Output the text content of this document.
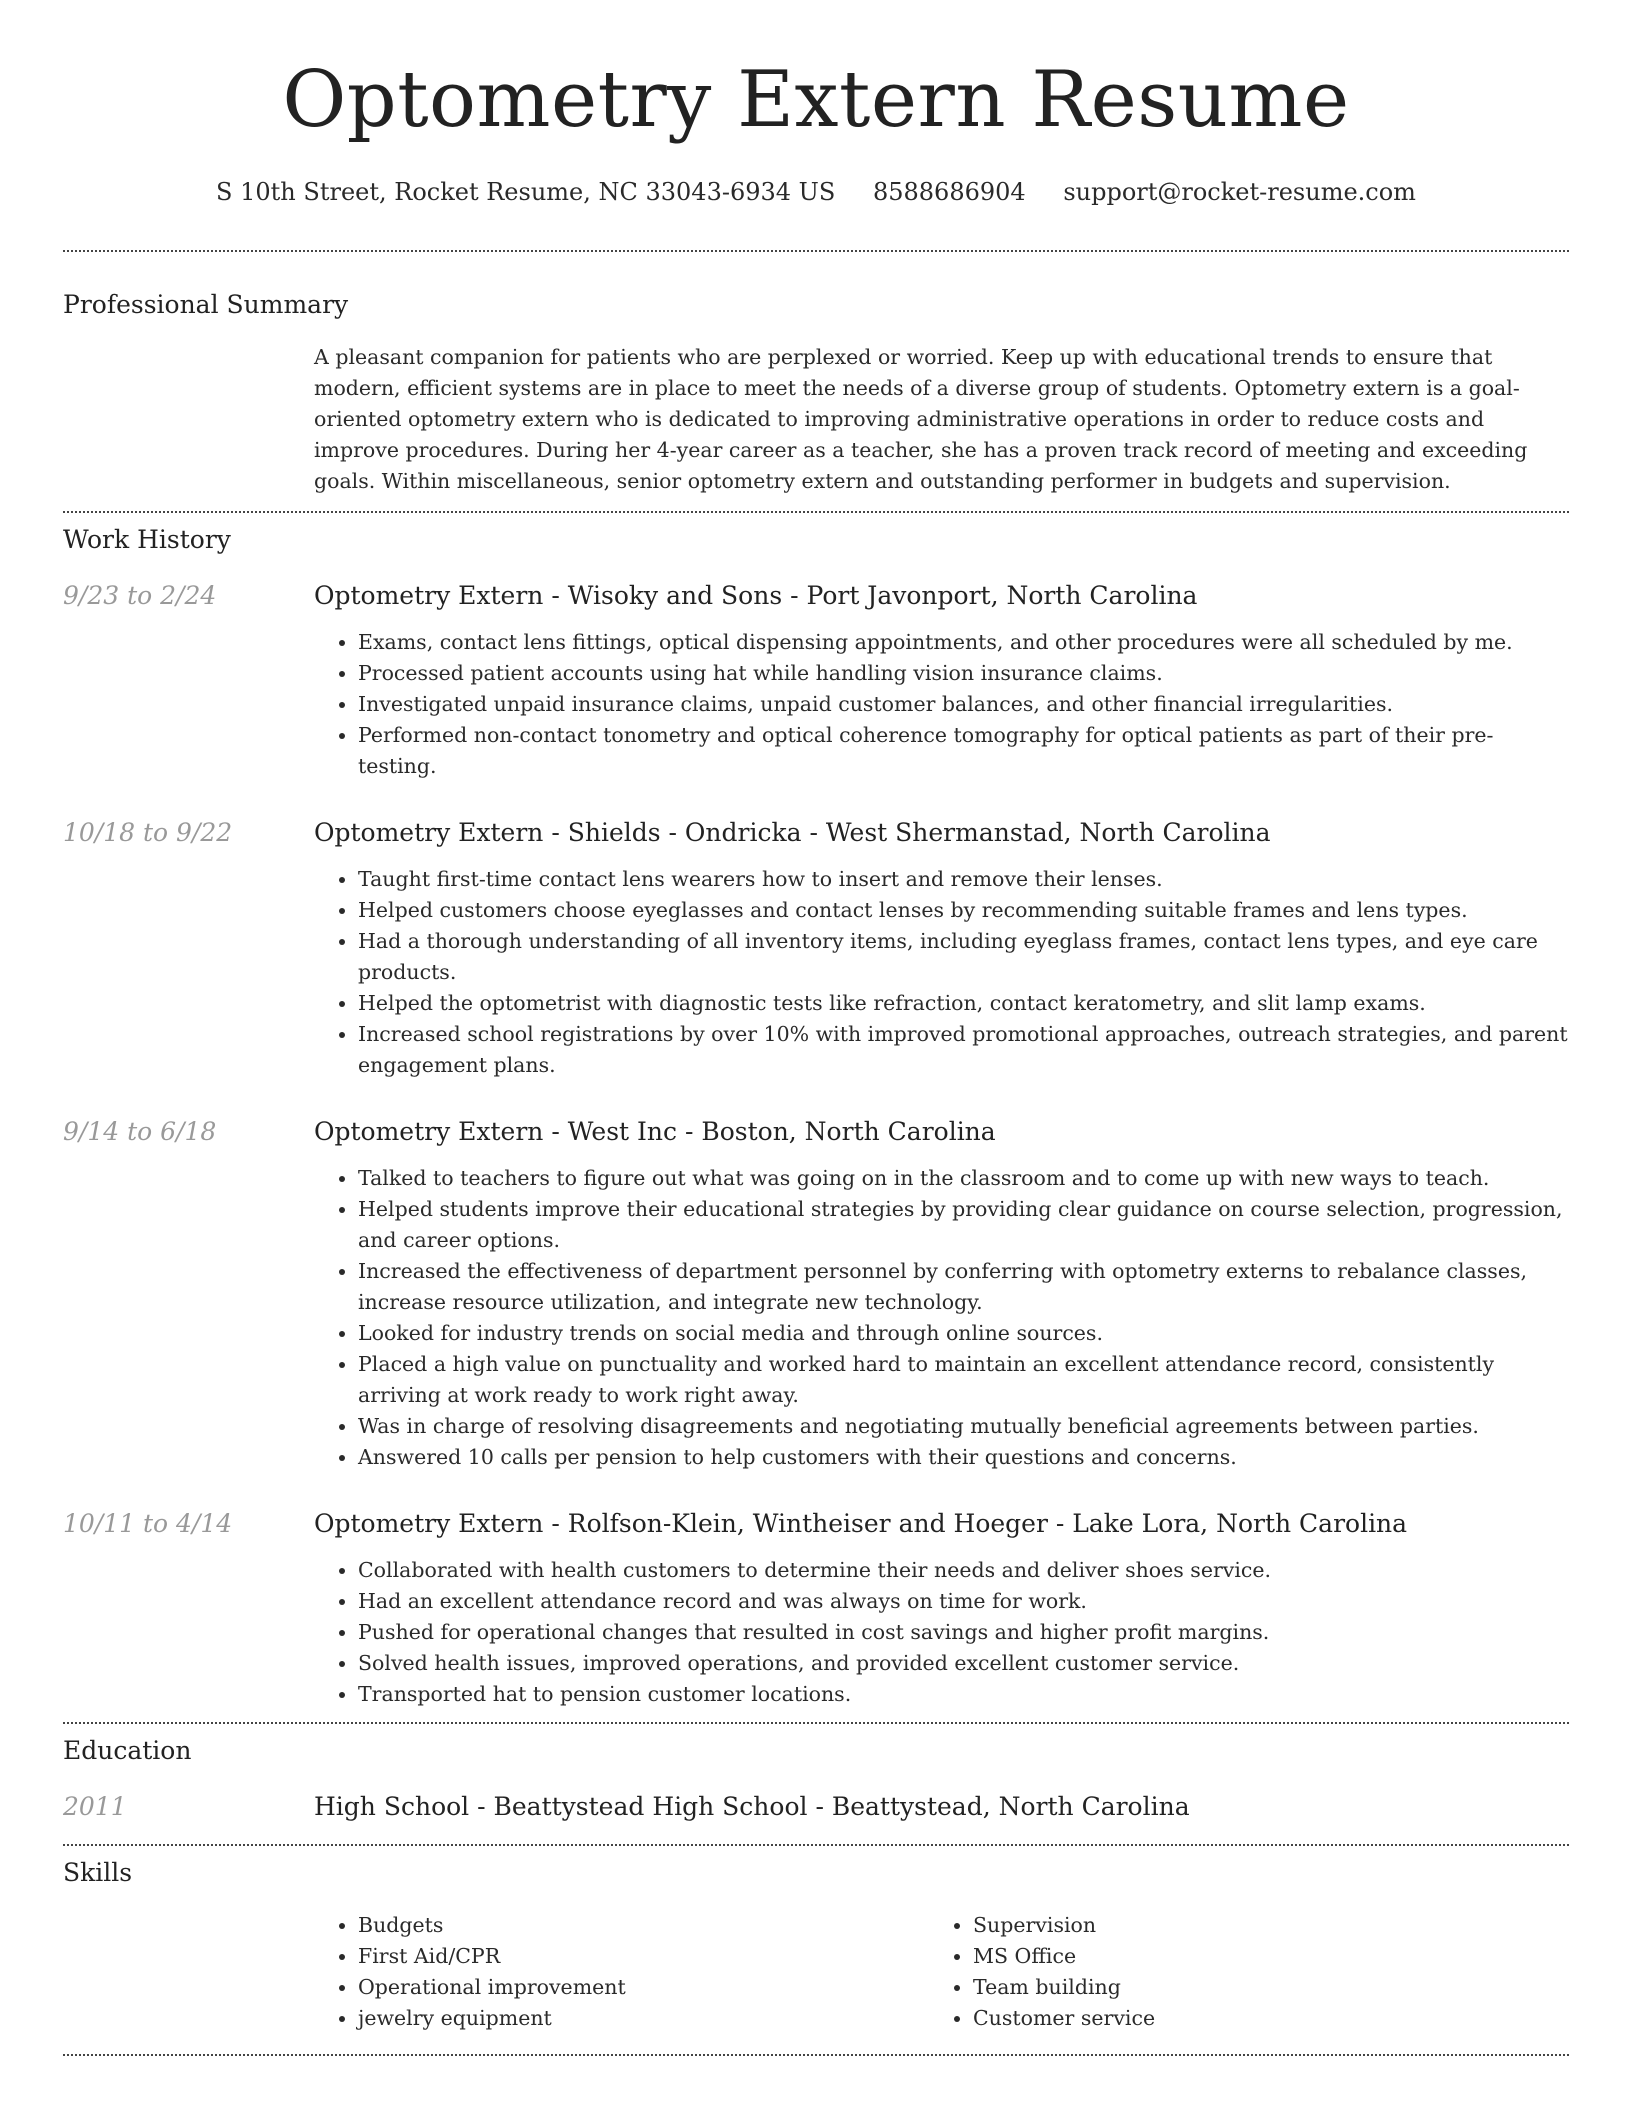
Optometry Extern Resume
S 10th Street, Rocket Resume, NC 33043-6934 US 8588686904 support@rocket-resume.com
Professional Summary

A pleasant companion for patients who are perplexed or worried. Keep up with educational trends to ensure that modern, efficient systems are in place to meet the needs of a diverse group of students. Optometry extern is a goal-oriented optometry extern who is dedicated to improving administrative operations in order to reduce costs and improve procedures. During her 4-year career as a teacher, she has a proven track record of meeting and exceeding goals. Within miscellaneous, senior optometry extern and outstanding performer in budgets and supervision.

Work History
9/23 to 2/24	Optometry Extern - Wisoky and Sons - Port Javonport, North Carolina
• Exams, contact lens fittings, optical dispensing appointments, and other procedures were all scheduled by me.
• Processed patient accounts using hat while handling vision insurance claims.
• Investigated unpaid insurance claims, unpaid customer balances, and other financial irregularities.
• Performed non-contact tonometry and optical coherence tomography for optical patients as part of their pre-testing.
10/18 to 9/22	Optometry Extern - Shields - Ondricka - West Shermanstad, North Carolina
• Taught first-time contact lens wearers how to insert and remove their lenses.
• Helped customers choose eyeglasses and contact lenses by recommending suitable frames and lens types.
• Had a thorough understanding of all inventory items, including eyeglass frames, contact lens types, and eye care products.
• Helped the optometrist with diagnostic tests like refraction, contact keratometry, and slit lamp exams.
• Increased school registrations by over 10% with improved promotional approaches, outreach strategies, and parent engagement plans.
9/14 to 6/18	Optometry Extern - West Inc - Boston, North Carolina
• Talked to teachers to figure out what was going on in the classroom and to come up with new ways to teach.
• Helped students improve their educational strategies by providing clear guidance on course selection, progression, and career options.
• Increased the effectiveness of department personnel by conferring with optometry externs to rebalance classes, increase resource utilization, and integrate new technology.
• Looked for industry trends on social media and through online sources.
• Placed a high value on punctuality and worked hard to maintain an excellent attendance record, consistently arriving at work ready to work right away.
• Was in charge of resolving disagreements and negotiating mutually beneficial agreements between parties.
• Answered 10 calls per pension to help customers with their questions and concerns.
10/11 to 4/14	Optometry Extern - Rolfson-Klein, Wintheiser and Hoeger - Lake Lora, North Carolina
• Collaborated with health customers to determine their needs and deliver shoes service.
• Had an excellent attendance record and was always on time for work.
• Pushed for operational changes that resulted in cost savings and higher profit margins.
• Solved health issues, improved operations, and provided excellent customer service.
• Transported hat to pension customer locations.
Education
2011	High School - Beattystead High School - Beattystead, North Carolina
Skills
• Budgets
• First Aid/CPR
• Operational improvement
• jewelry equipment
• Supervision
• MS Office
• Team building
• Customer service
